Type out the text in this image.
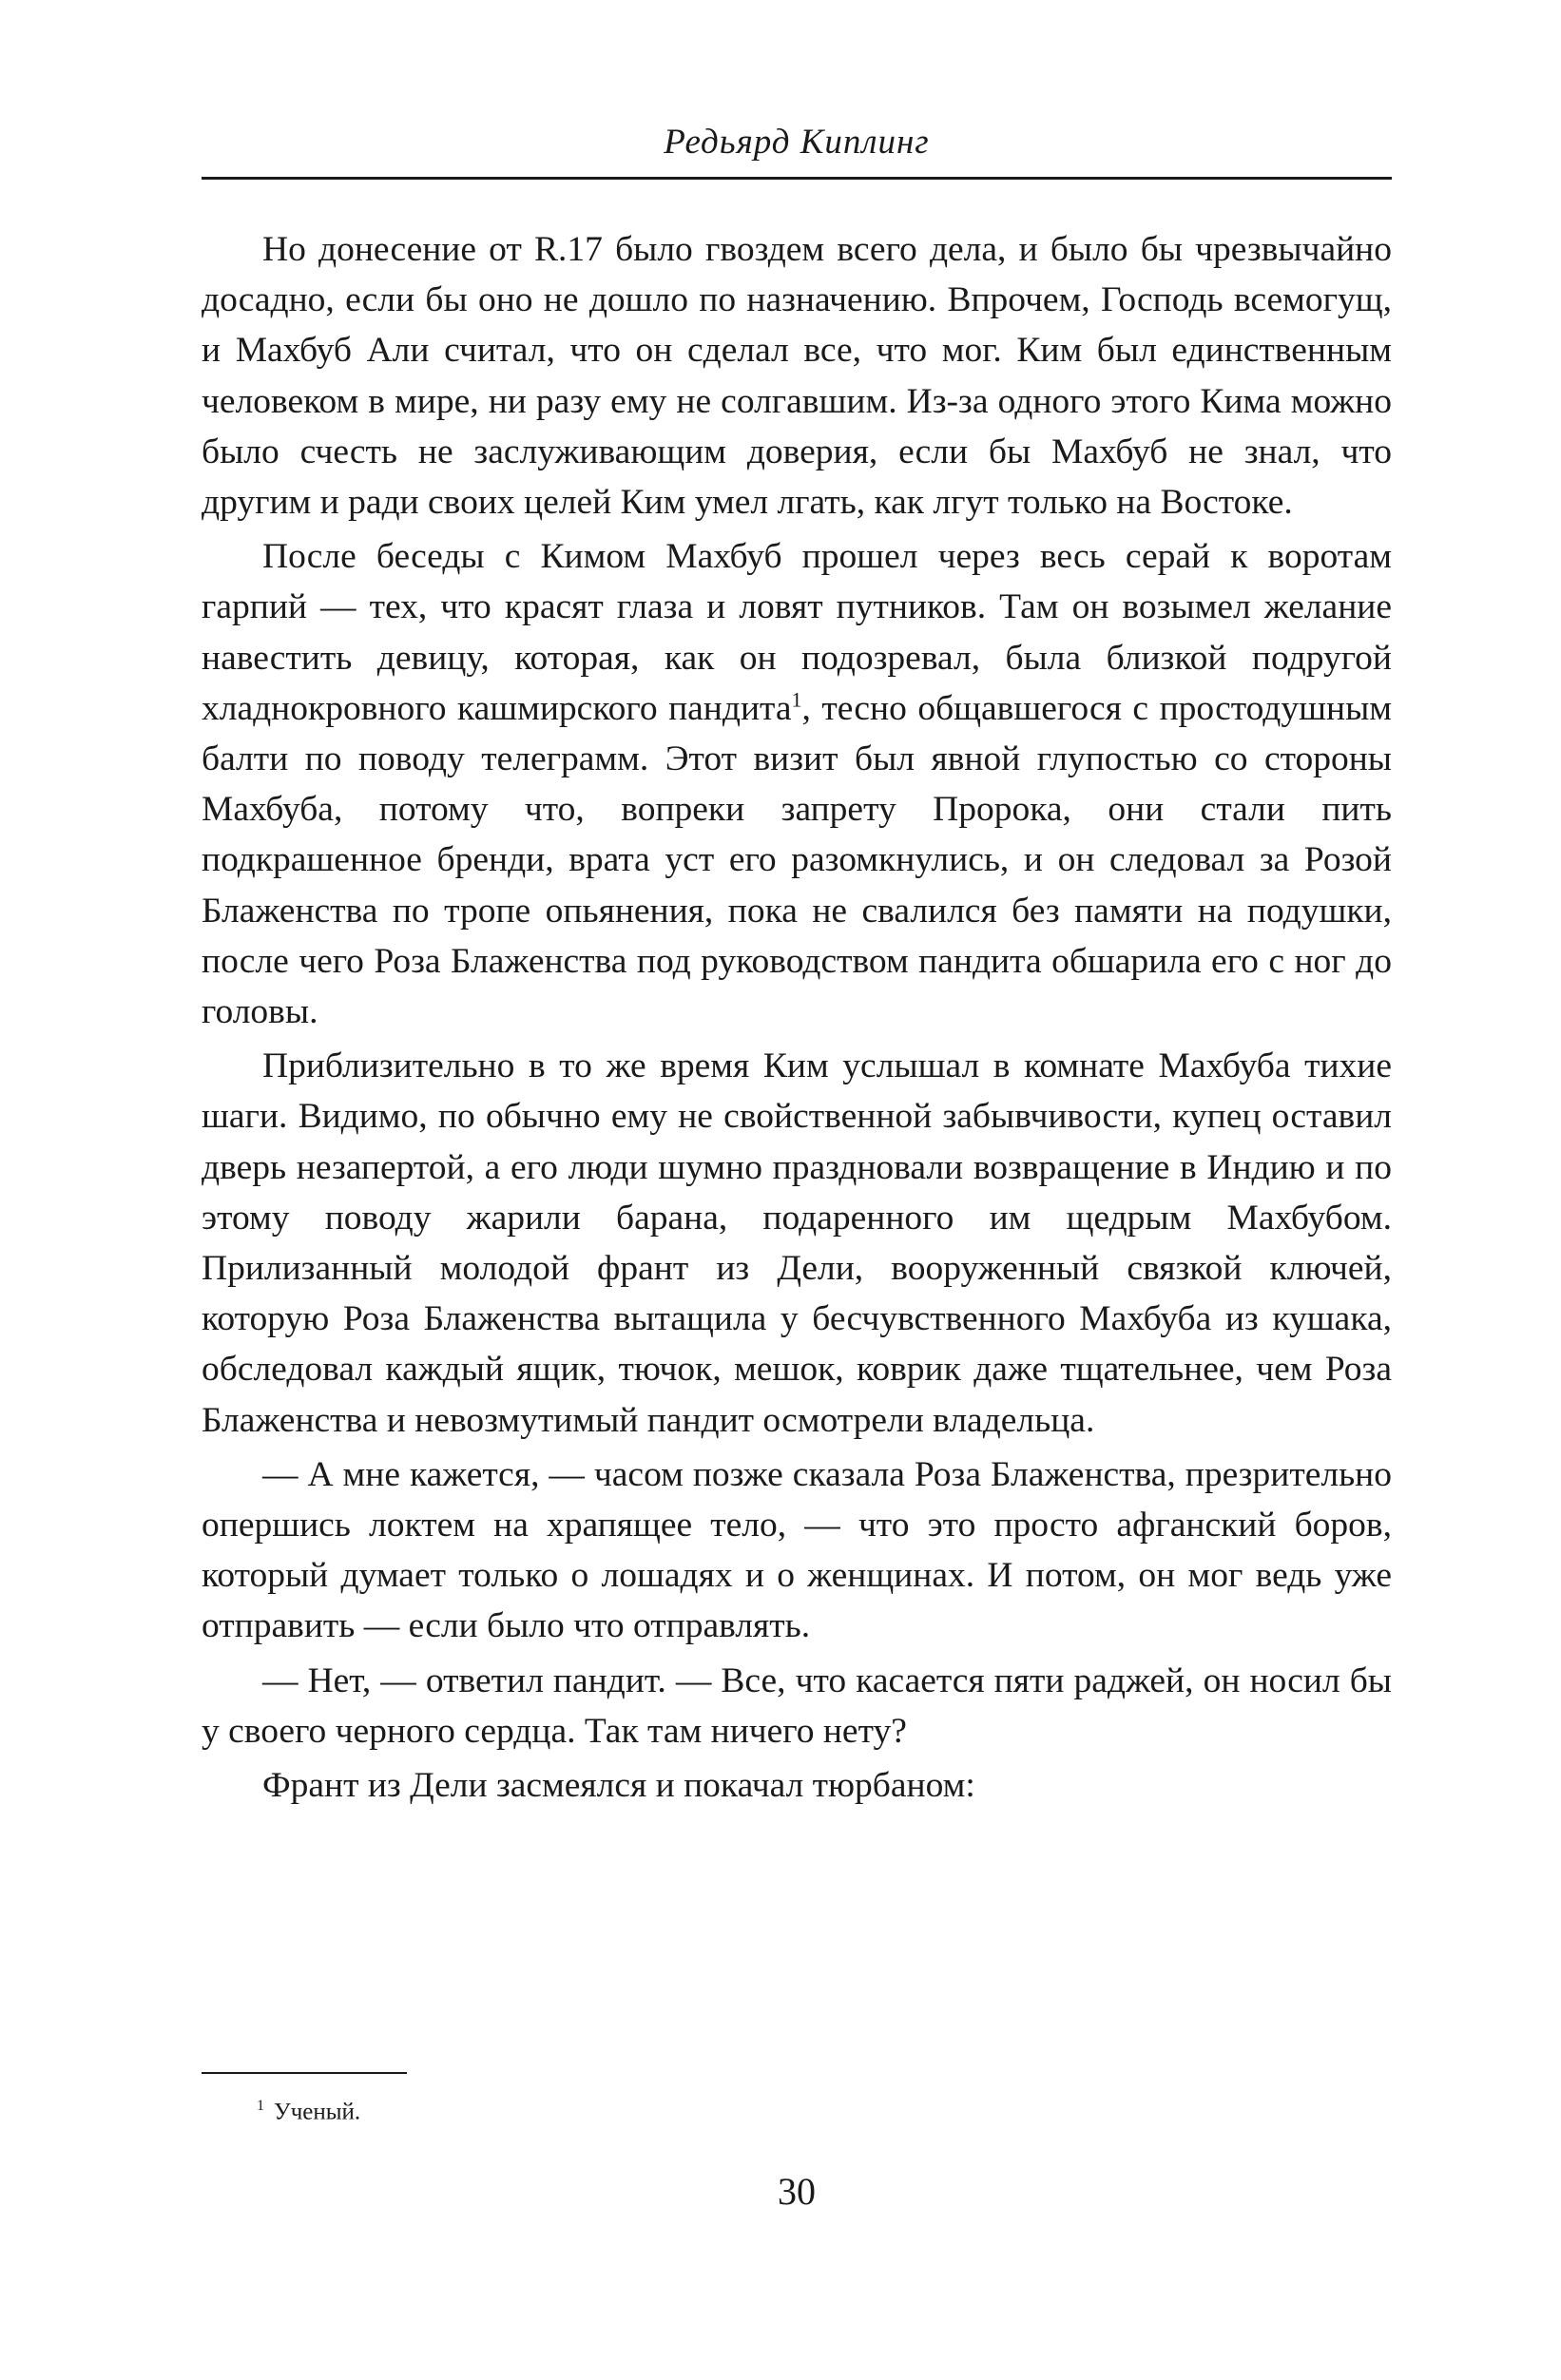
Редьярд Киплинг

Но донесение от R.17 было гвоздем всего дела, и было бы чрезвычайно досадно, если бы оно не дошло по назначению. Впрочем, Господь всемогущ, и Махбуб Али считал, что он сделал все, что мог. Ким был единственным человеком в мире, ни разу ему не солгавшим. Из-за одного этого Кима можно было счесть не заслуживающим доверия, если бы Махбуб не знал, что другим и ради своих целей Ким умел лгать, как лгут только на Востоке.

После беседы с Кимом Махбуб прошел через весь серай к воротам гарпий — тех, что красят глаза и ловят путников. Там он возымел желание навестить девицу, которая, как он подозревал, была близкой подругой хладнокровного кашмирского пандита$^1$, тесно общавшегося с простодушным балти по поводу телеграмм. Этот визит был явной глупостью со стороны Махбуба, потому что, вопреки запрету Пророка, они стали пить подкрашенное бренди, врата уст его разомкнулись, и он следовал за Розой Блаженства по тропе опьянения, пока не свалился без памяти на подушки, после чего Роза Блаженства под руководством пандита обшарила его с ног до головы.

Приблизительно в то же время Ким услышал в комнате Махбуба тихие шаги. Видимо, по обычно ему не свойственной забывчивости, купец оставил дверь незапертой, а его люди шумно праздновали возвращение в Индию и по этому поводу жарили барана, подаренного им щедрым Махбубом. Прилизанный молодой франт из Дели, вооруженный связкой ключей, которую Роза Блаженства вытащила у бесчувственного Махбуба из кушака, обследовал каждый ящик, тючок, мешок, коврик даже тщательнее, чем Роза Блаженства и невозмутимый пандит осмотрели владельца.

— А мне кажется, — часом позже сказала Роза Блаженства, презрительно опершись локтем на храпящее тело, — что это просто афганский боров, который думает только о лошадях и о женщинах. И потом, он мог ведь уже отправить — если было что отправлять.

— Нет, — ответил пандит. — Все, что касается пяти раджей, он носил бы у своего черного сердца. Так там ничего нету?

Франт из Дели засмеялся и покачал тюрбаном:

$^1$ Ученый.
30
